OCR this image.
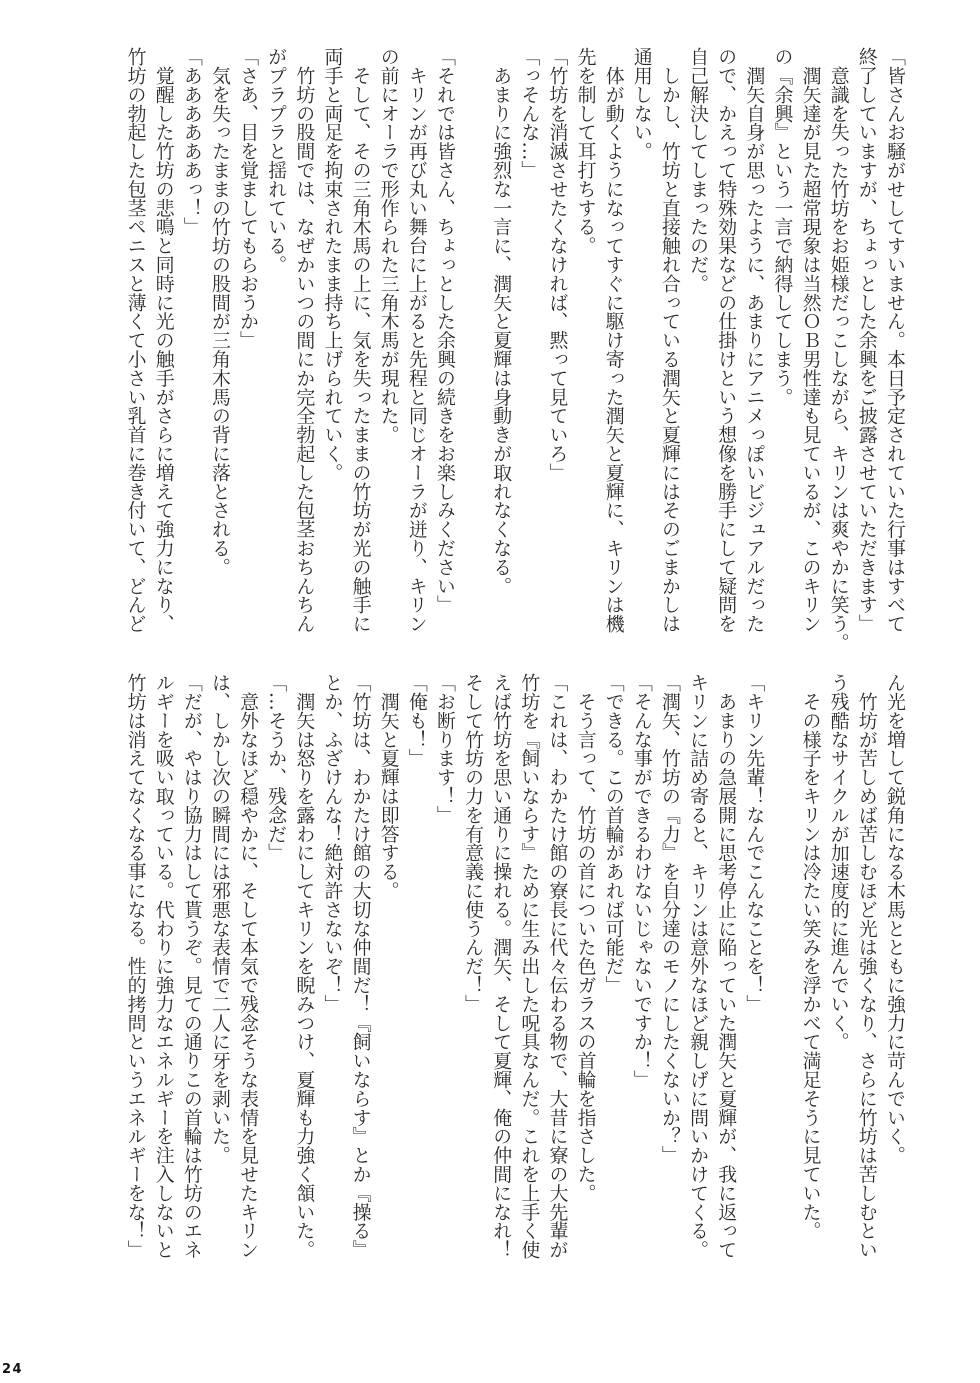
「皆さんお騒がせしてすいません。本日予定されていた行事はすべて
終了していますが、ちょっとした余興をご披露させていただきます」
　意識を失った竹坊をお姫様だっこしながら、キリンは爽やかに笑う。
　潤矢達が見た超常現象は当然ＯＢ男性達も見ているが、このキリン
の『余興』という一言で納得してしまう。
　潤矢自身が思ったように、あまりにアニメっぽいビジュアルだった
ので、かえって特殊効果などの仕掛けという想像を勝手にして疑問を
自己解決してしまったのだ。
　しかし、竹坊と直接触れ合っている潤矢と夏輝にはそのごまかしは
通用しない。
　体が動くようになってすぐに駆け寄った潤矢と夏輝に、キリンは機
先を制して耳打ちする。
「竹坊を消滅させたくなければ、黙って見ていろ」
「っそんな…」
　あまりに強烈な一言に、潤矢と夏輝は身動きが取れなくなる。
「それでは皆さん、ちょっとした余興の続きをお楽しみください」
　キリンが再び丸い舞台に上がると先程と同じオーラが迸り、キリン
の前にオーラで形作られた三角木馬が現れた。
　そして、その三角木馬の上に、気を失ったままの竹坊が光の触手に
両手と両足を拘束されたまま持ち上げられていく。
　竹坊の股間では、なぜかいつの間にか完全勃起した包茎おちんちん
がプラプラと揺れている。
「さあ、目を覚ましてもらおうか」
　気を失ったままの竹坊の股間が三角木馬の背に落とされる。
「ああああああっ！」
　覚醒した竹坊の悲鳴と同時に光の触手がさらに増えて強力になり、
竹坊の勃起した包茎ペニスと薄くて小さい乳首に巻き付いて、どんど
ん光を増して鋭角になる木馬とともに強力に苛んでいく。
　竹坊が苦しめば苦しむほど光は強くなり、さらに竹坊は苦しむとい
う残酷なサイクルが加速度的に進んでいく。
　その様子をキリンは冷たい笑みを浮かべて満足そうに見ていた。
「キリン先輩！なんでこんなことを！」
　あまりの急展開に思考停止に陥っていた潤矢と夏輝が、我に返って
キリンに詰め寄ると、キリンは意外なほど親しげに問いかけてくる。
「潤矢、竹坊の『力』を自分達のモノにしたくないか？」
「そんな事ができるわけないじゃないですか！」
「できる。この首輪があれば可能だ」
　そう言って、竹坊の首についた色ガラスの首輪を指さした。
「これは、わかたけ館の寮長に代々伝わる物で、大昔に寮の大先輩が
竹坊を『飼いならす』ために生み出した呪具なんだ。これを上手く使
えば竹坊を思い通りに操れる。潤矢、そして夏輝、俺の仲間になれ！
そして竹坊の力を有意義に使うんだ！」
「お断ります！」
「俺も！」
　潤矢と夏輝は即答する。
「竹坊は、わかたけ館の大切な仲間だ！『飼いならす』とか『操る』
とか、ふざけんな！絶対許さないぞ！」
　潤矢は怒りを露わにしてキリンを睨みつけ、夏輝も力強く頷いた。
「…そうか、残念だ」
　意外なほど穏やかに、そして本気で残念そうな表情を見せたキリン
は、しかし次の瞬間には邪悪な表情で二人に牙を剥いた。
「だが、やはり協力はして貰うぞ。見ての通りこの首輪は竹坊のエネ
ルギーを吸い取っている。代わりに強力なエネルギーを注入しないと
竹坊は消えてなくなる事になる。性的拷問というエネルギーをな！」
24
